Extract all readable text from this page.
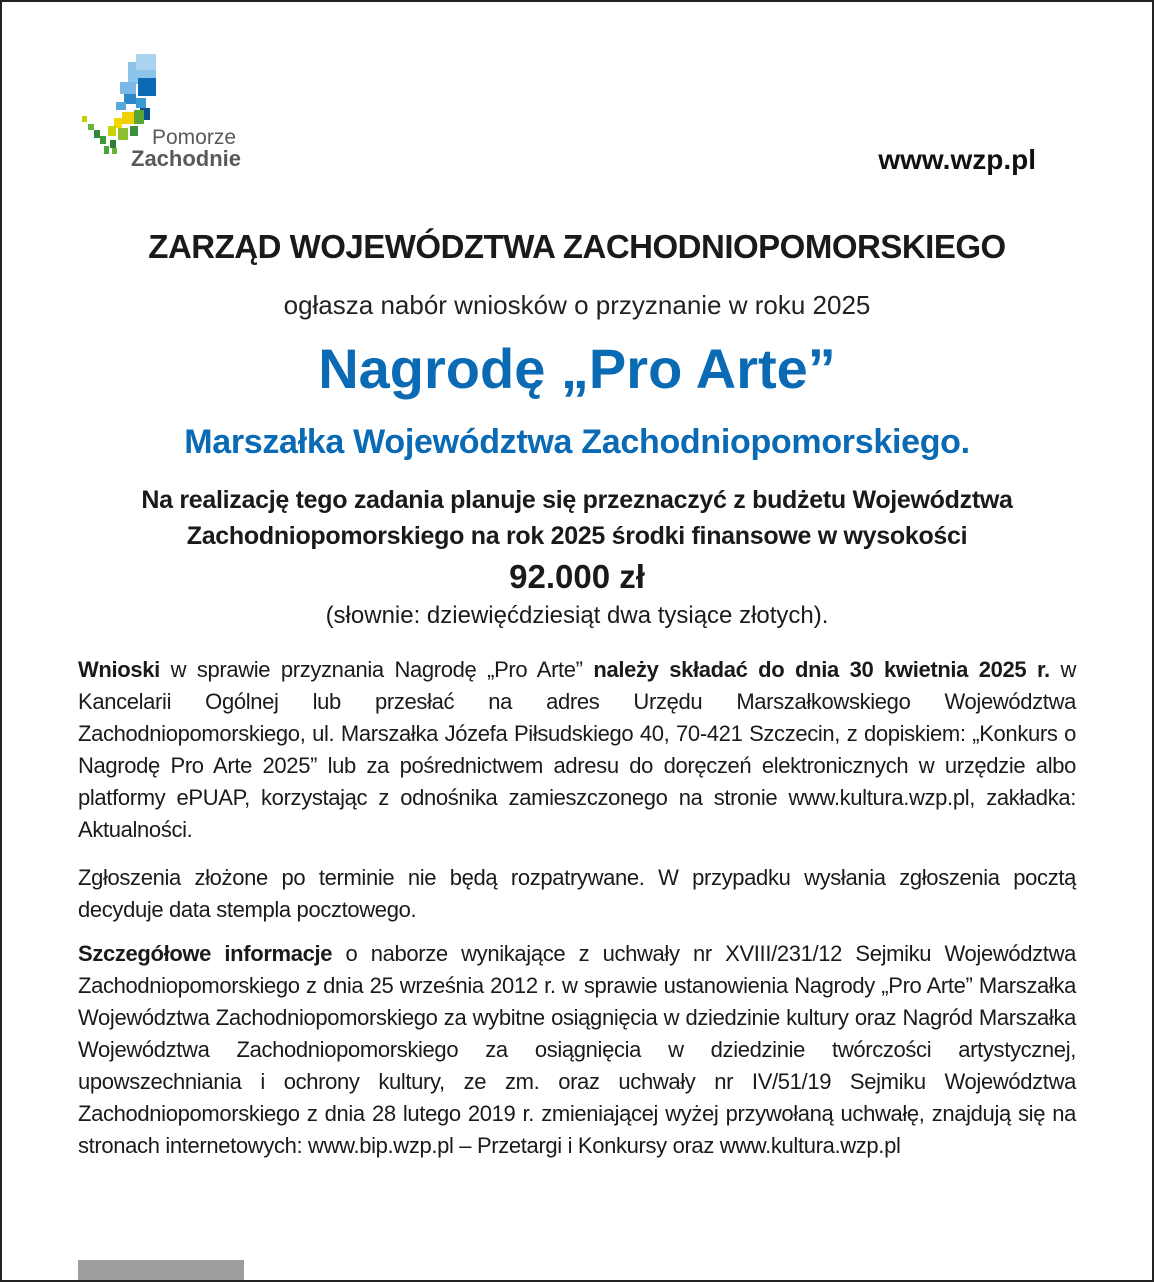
Pomorze
Zachodnie	www.wzp.pl
ZARZĄD WOJEWÓDZTWA ZACHODNIOPOMORSKIEGO
ogłasza nabór wniosków o przyznanie w roku 2025
Nagrodę „Pro Arte”
Marszałka Województwa Zachodniopomorskiego.
Na realizację tego zadania planuje się przeznaczyć z budżetu Województwa
Zachodniopomorskiego na rok 2025 środki finansowe w wysokości
92.000 zł
(słownie: dziewięćdziesiąt dwa tysiące złotych).
Wnioski w sprawie przyznania Nagrodę „Pro Arte” należy składać do dnia 30 kwietnia 2025 r. w Kancelarii Ogólnej lub przesłać na adres Urzędu Marszałkowskiego Województwa Zachodniopomorskiego, ul. Marszałka Józefa Piłsudskiego 40, 70-421 Szczecin, z dopiskiem: „Konkurs o Nagrodę Pro Arte 2025” lub za pośrednictwem adresu do doręczeń elektronicznych w urzędzie albo platformy ePUAP, korzystając z odnośnika zamieszczonego na stronie www.kultura.wzp.pl, zakładka: Aktualności.
Zgłoszenia złożone po terminie nie będą rozpatrywane. W przypadku wysłania zgłoszenia pocztą decyduje data stempla pocztowego.
Szczegółowe informacje o naborze wynikające z uchwały nr XVIII/231/12 Sejmiku Województwa Zachodniopomorskiego z dnia 25 września 2012 r. w sprawie ustanowienia Nagrody „Pro Arte” Marszałka Województwa Zachodniopomorskiego za wybitne osiągnięcia w dziedzinie kultury oraz Nagród Marszałka Województwa Zachodniopomorskiego za osiągnięcia w dziedzinie twórczości artystycznej, upowszechniania i ochrony kultury, ze zm. oraz uchwały nr IV/51/19 Sejmiku Województwa Zachodniopomorskiego z dnia 28 lutego 2019 r. zmieniającej wyżej przywołaną uchwałę, znajdują się na stronach internetowych: www.bip.wzp.pl – Przetargi i Konkursy oraz www.kultura.wzp.pl
